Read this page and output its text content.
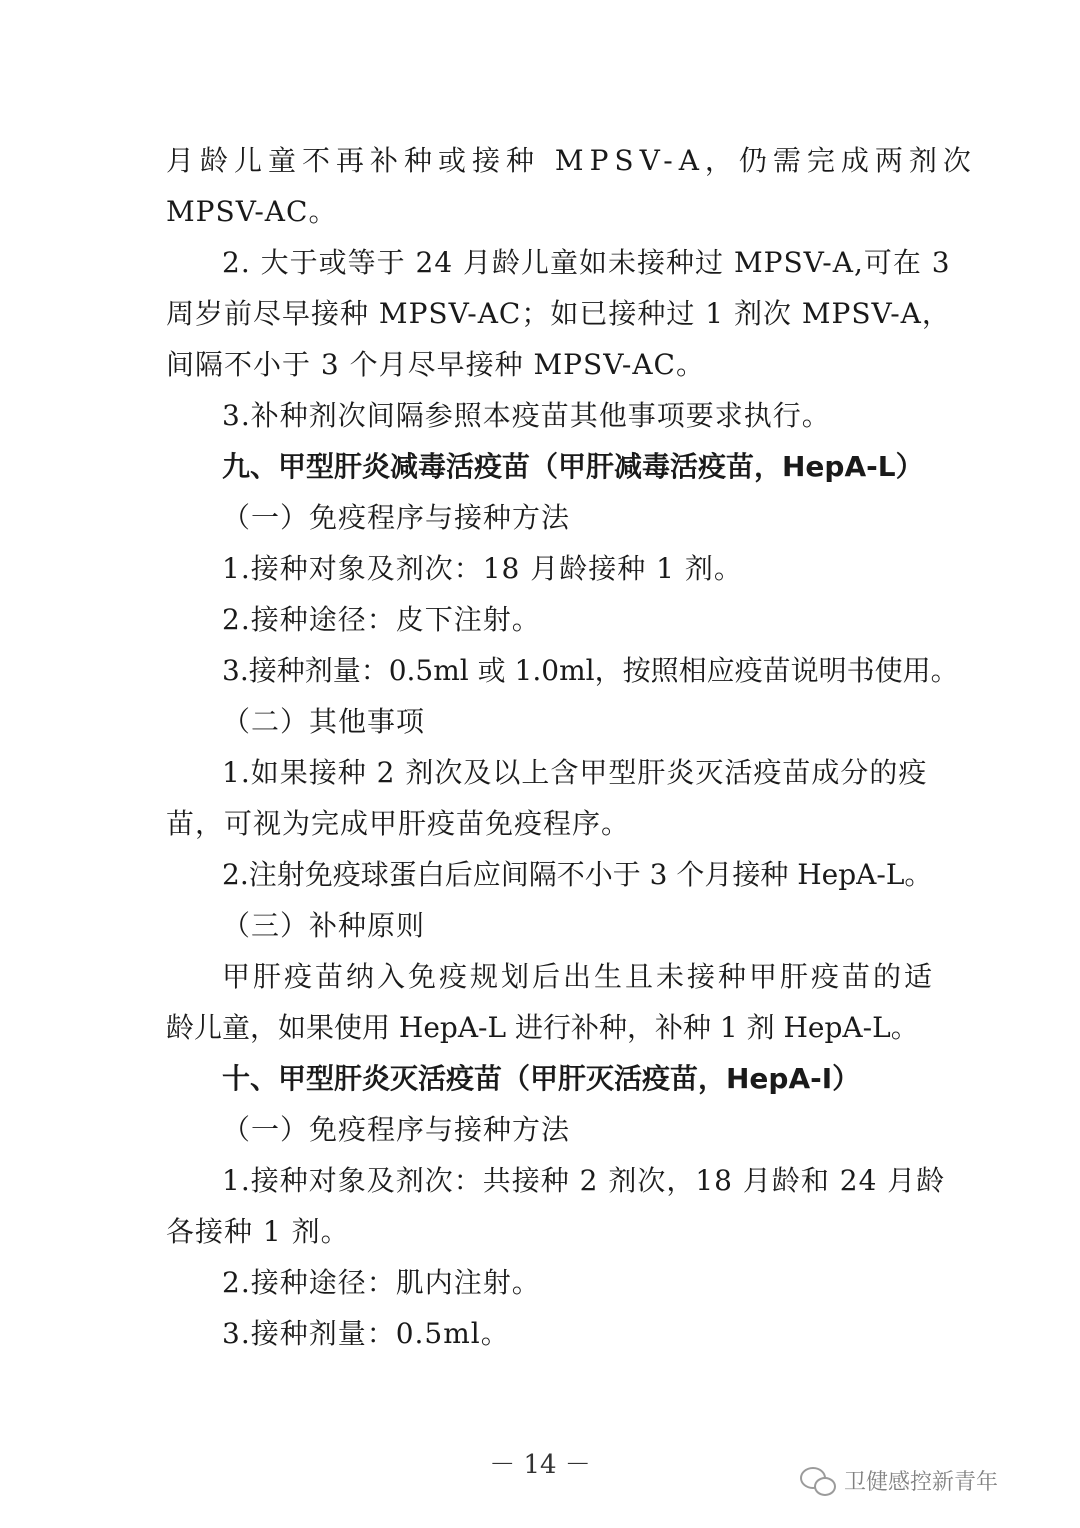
月龄儿童不再补种或接种 MPSV-A，仍需完成两剂次

MPSV-AC。

2. 大于或等于 24 月龄儿童如未接种过 MPSV-A,可在 3

周岁前尽早接种 MPSV-AC；如已接种过 1 剂次 MPSV-A，

间隔不小于 3 个月尽早接种 MPSV-AC。

3.补种剂次间隔参照本疫苗其他事项要求执行。

九、甲型肝炎减毒活疫苗（甲肝减毒活疫苗，HepA-L）

（一）免疫程序与接种方法

1.接种对象及剂次：18 月龄接种 1 剂。

2.接种途径：皮下注射。

3.接种剂量：0.5ml 或 1.0ml，按照相应疫苗说明书使用。

（二）其他事项

1.如果接种 2 剂次及以上含甲型肝炎灭活疫苗成分的疫

苗，可视为完成甲肝疫苗免疫程序。

2.注射免疫球蛋白后应间隔不小于 3 个月接种 HepA-L。

（三）补种原则

甲肝疫苗纳入免疫规划后出生且未接种甲肝疫苗的适

龄儿童，如果使用 HepA-L 进行补种，补种 1 剂 HepA-L。

十、甲型肝炎灭活疫苗（甲肝灭活疫苗，HepA-I）

（一）免疫程序与接种方法

1.接种对象及剂次：共接种 2 剂次，18 月龄和 24 月龄

各接种 1 剂。

2.接种途径：肌内注射。

3.接种剂量：0.5ml。

－ 14 －
卫健感控新青年
